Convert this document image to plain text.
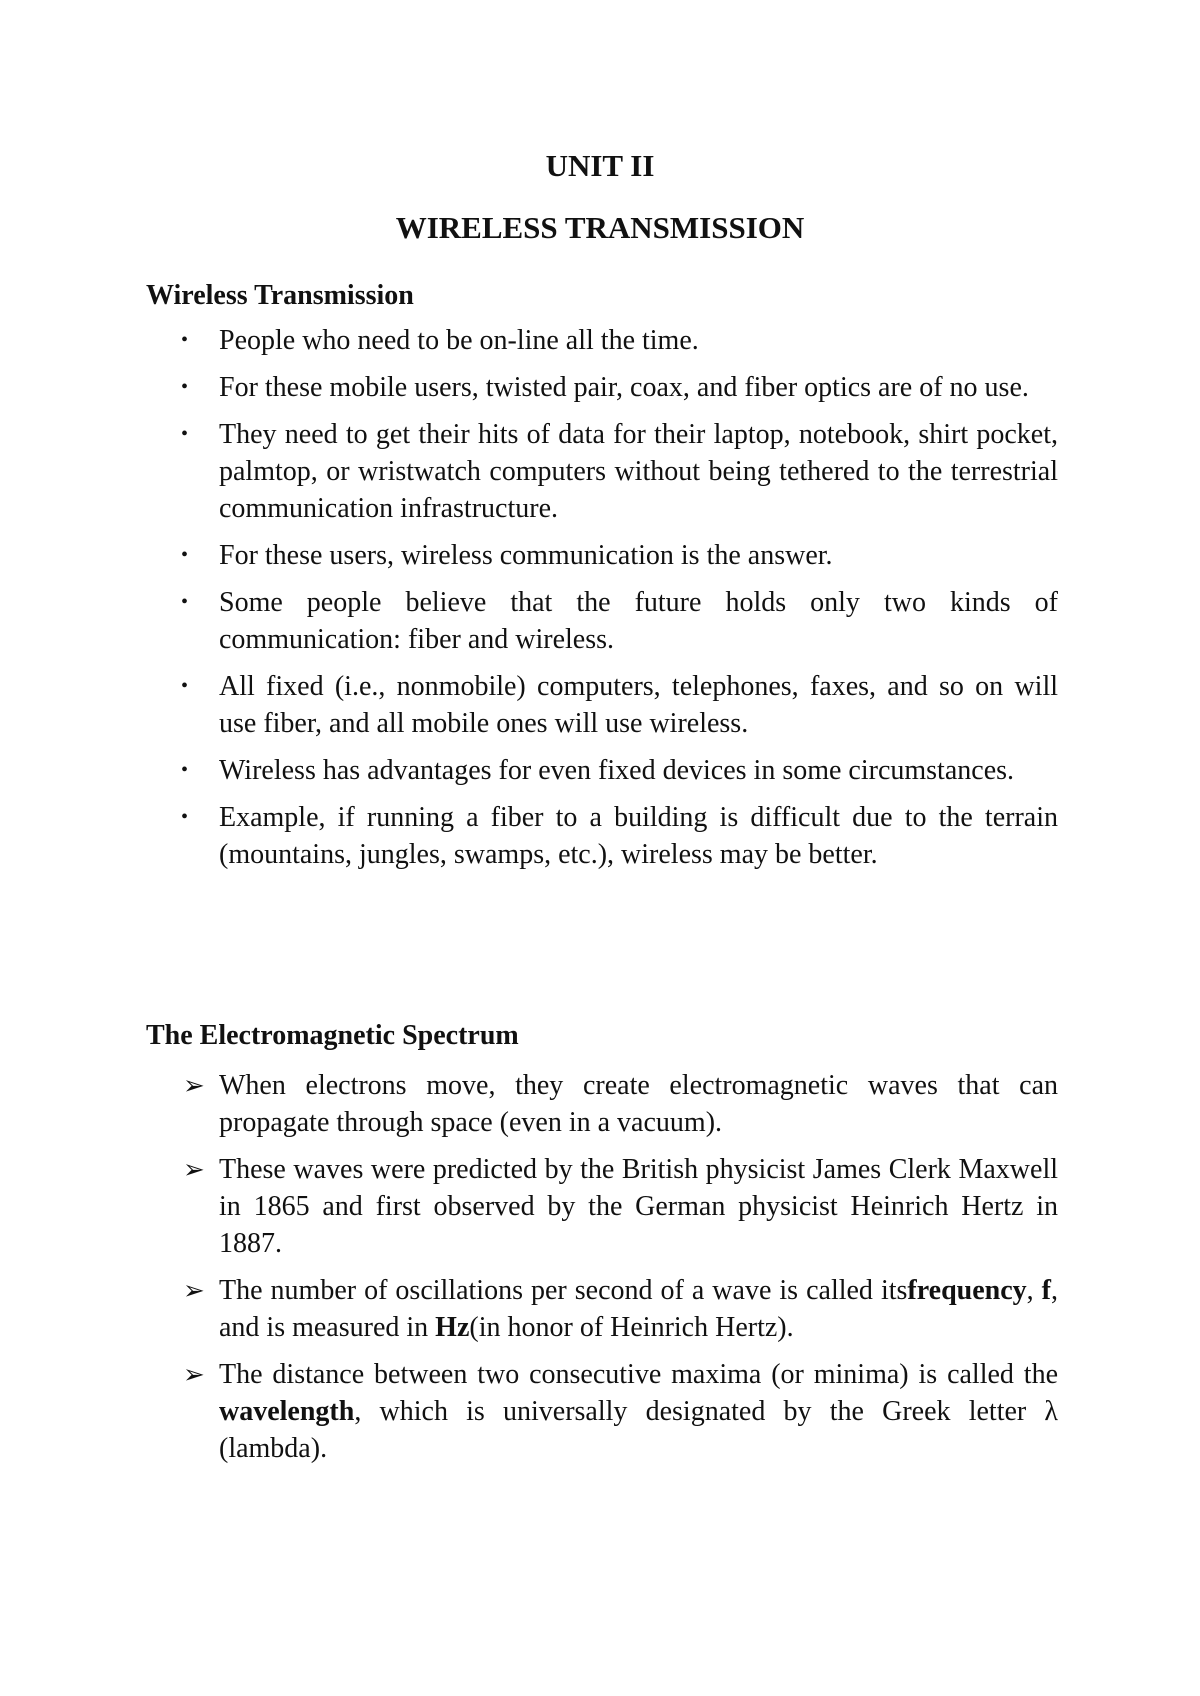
UNIT II
WIRELESS TRANSMISSION
Wireless Transmission
• People who need to be on-line all the time.
• For these mobile users, twisted pair, coax, and fiber optics are of no use.
• They need to get their hits of data for their laptop, notebook, shirt pocket, palmtop, or wristwatch computers without being tethered to the terrestrial communication infrastructure.
• For these users, wireless communication is the answer.
• Some people believe that the future holds only two kinds of communication: fiber and wireless.
• All fixed (i.e., nonmobile) computers, telephones, faxes, and so on will use fiber, and all mobile ones will use wireless.
• Wireless has advantages for even fixed devices in some circumstances.
• Example, if running a fiber to a building is difficult due to the terrain (mountains, jungles, swamps, etc.), wireless may be better.
The Electromagnetic Spectrum
➢ When electrons move, they create electromagnetic waves that can propagate through space (even in a vacuum).
➢ These waves were predicted by the British physicist James Clerk Maxwell in 1865 and first observed by the German physicist Heinrich Hertz in 1887.
➢ The number of oscillations per second of a wave is called itsfrequency, f, and is measured in Hz(in honor of Heinrich Hertz).
➢ The distance between two consecutive maxima (or minima) is called the wavelength, which is universally designated by the Greek letter λ (lambda).
